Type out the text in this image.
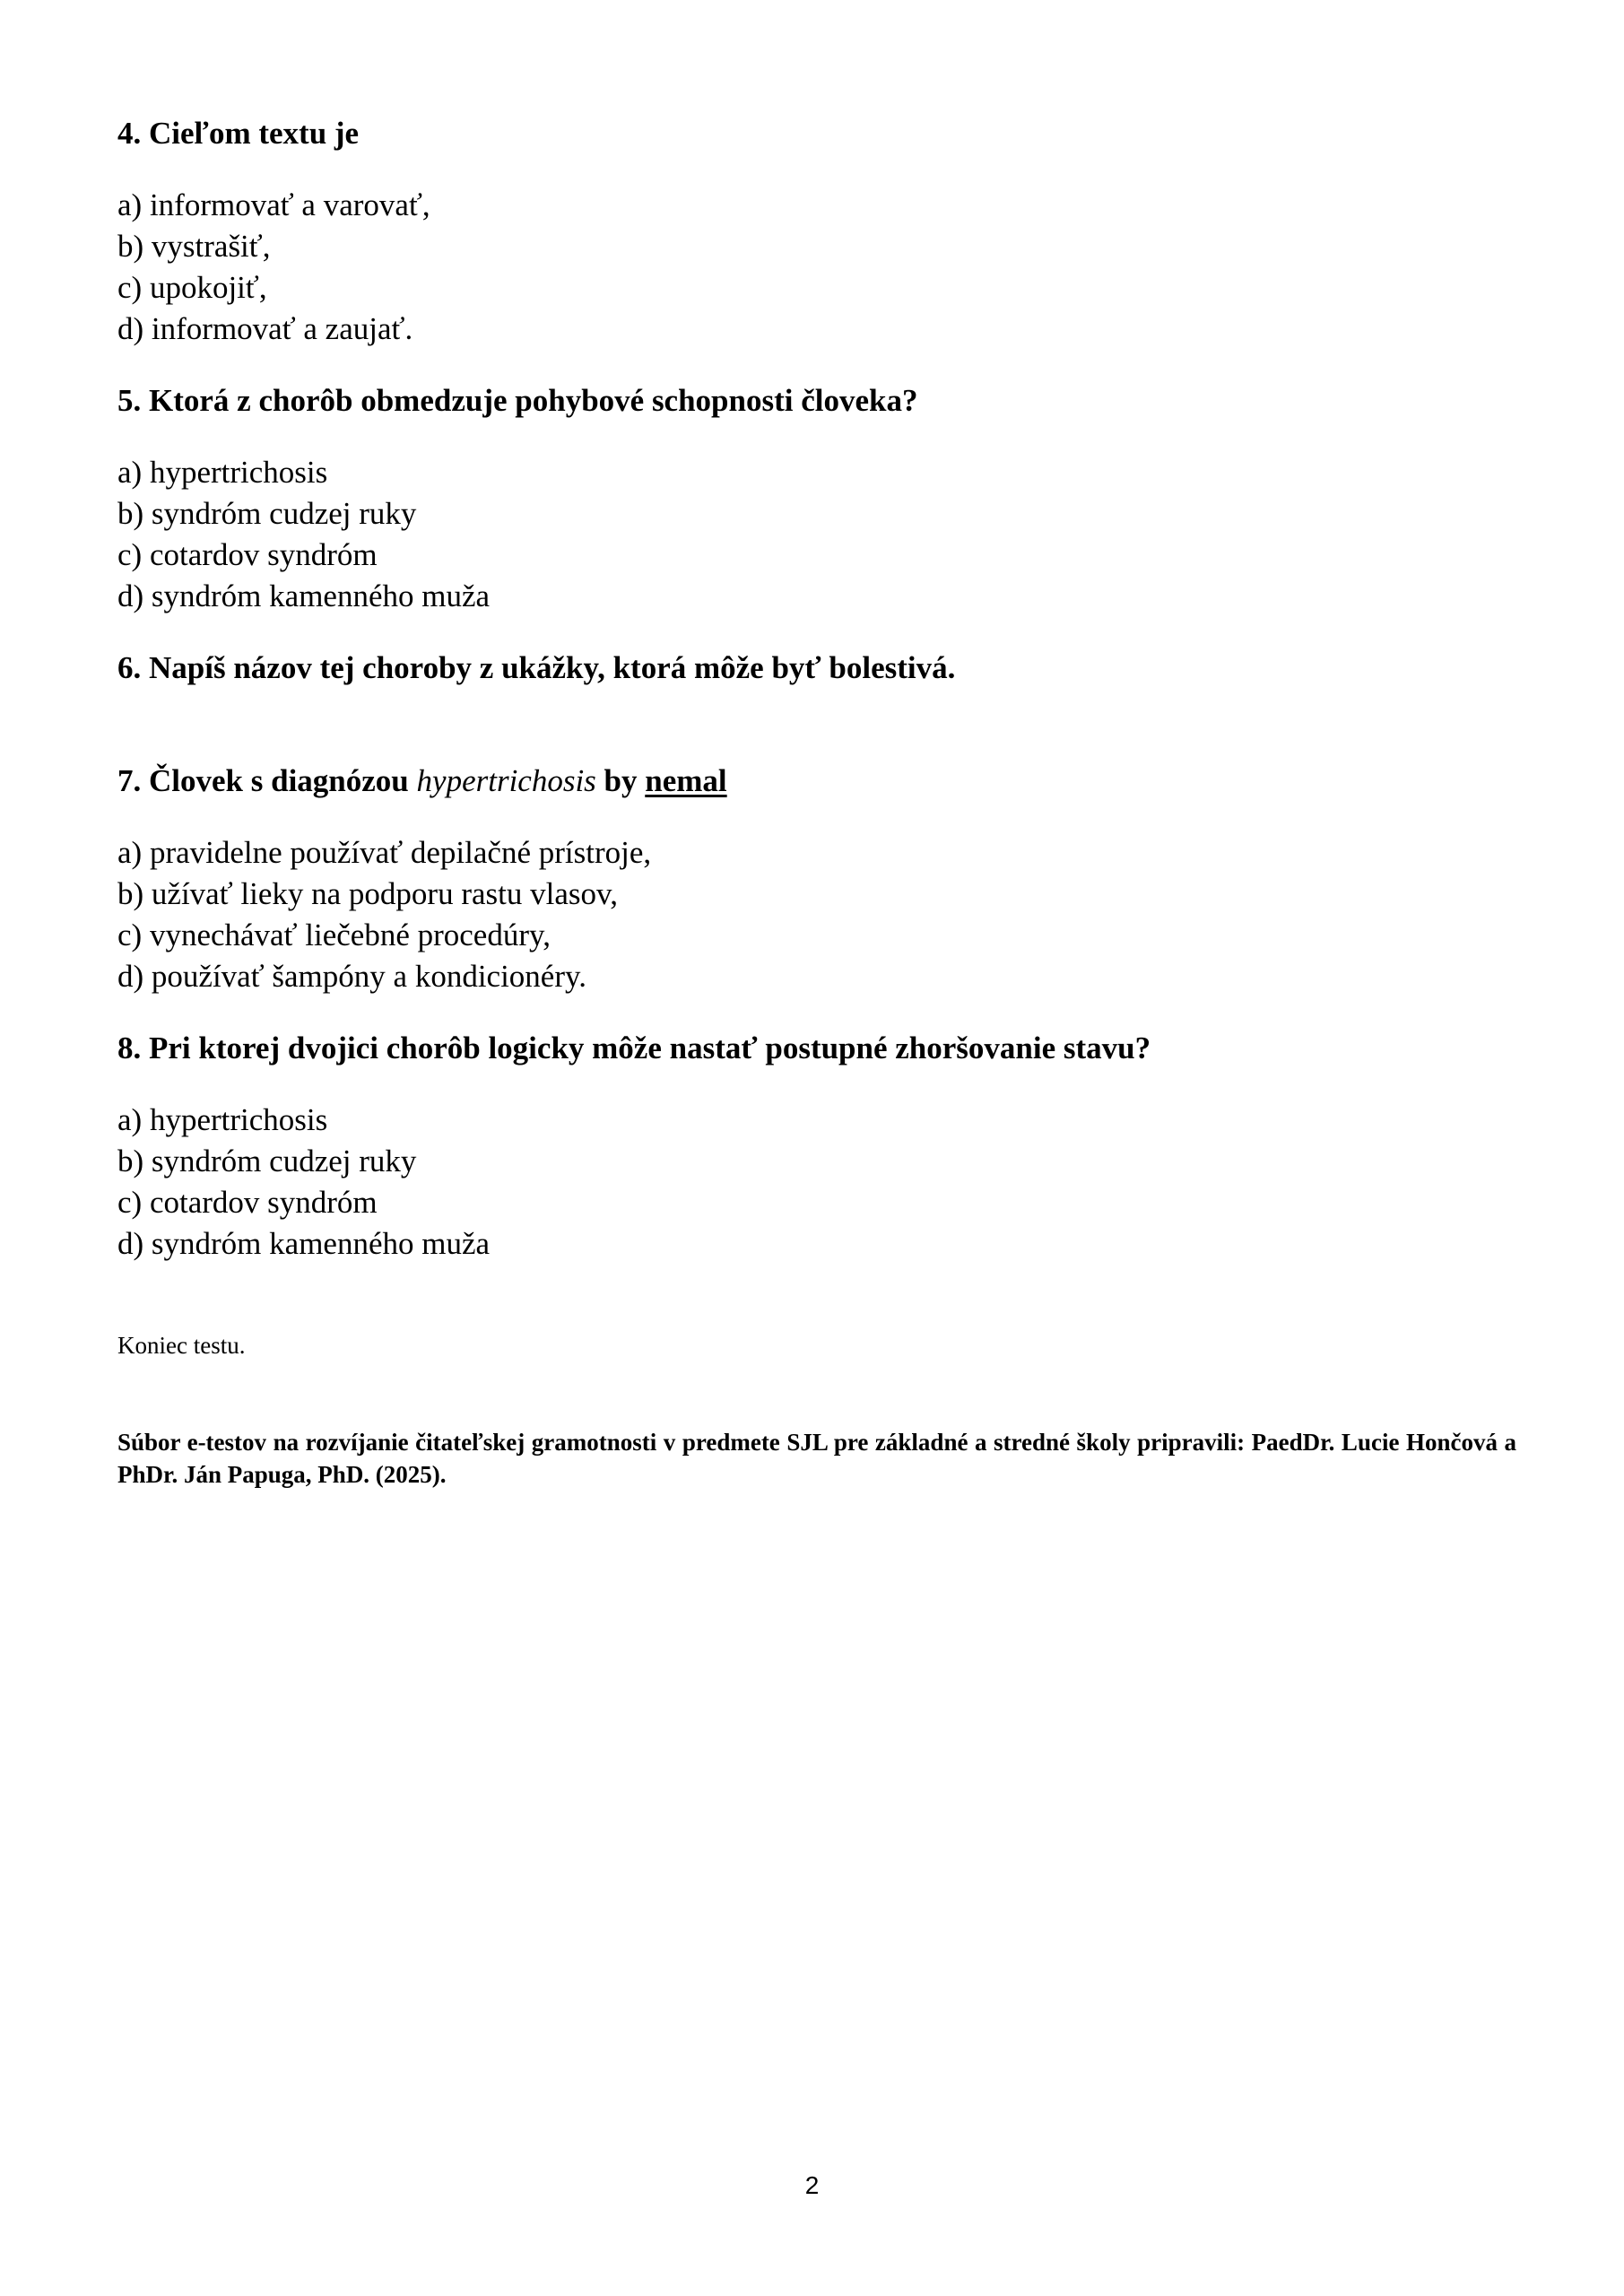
4. Cieľom textu je

a) informovať a varovať,
b) vystrašiť,
c) upokojiť,
d) informovať a zaujať.

5. Ktorá z chorôb obmedzuje pohybové schopnosti človeka?

a) hypertrichosis
b) syndróm cudzej ruky
c) cotardov syndróm
d) syndróm kamenného muža

6. Napíš názov tej choroby z ukážky, ktorá môže byť bolestivá.

7. Človek s diagnózou hypertrichosis by nemal

a) pravidelne používať depilačné prístroje,
b) užívať lieky na podporu rastu vlasov,
c) vynechávať liečebné procedúry,
d) používať šampóny a kondicionéry.

8. Pri ktorej dvojici chorôb logicky môže nastať postupné zhoršovanie stavu?

a) hypertrichosis
b) syndróm cudzej ruky
c) cotardov syndróm
d) syndróm kamenného muža

Koniec testu.

Súbor e-testov na rozvíjanie čitateľskej gramotnosti v predmete SJL pre základné a stredné školy pripravili: PaedDr. Lucie Hončová a PhDr. Ján Papuga, PhD. (2025).

2
